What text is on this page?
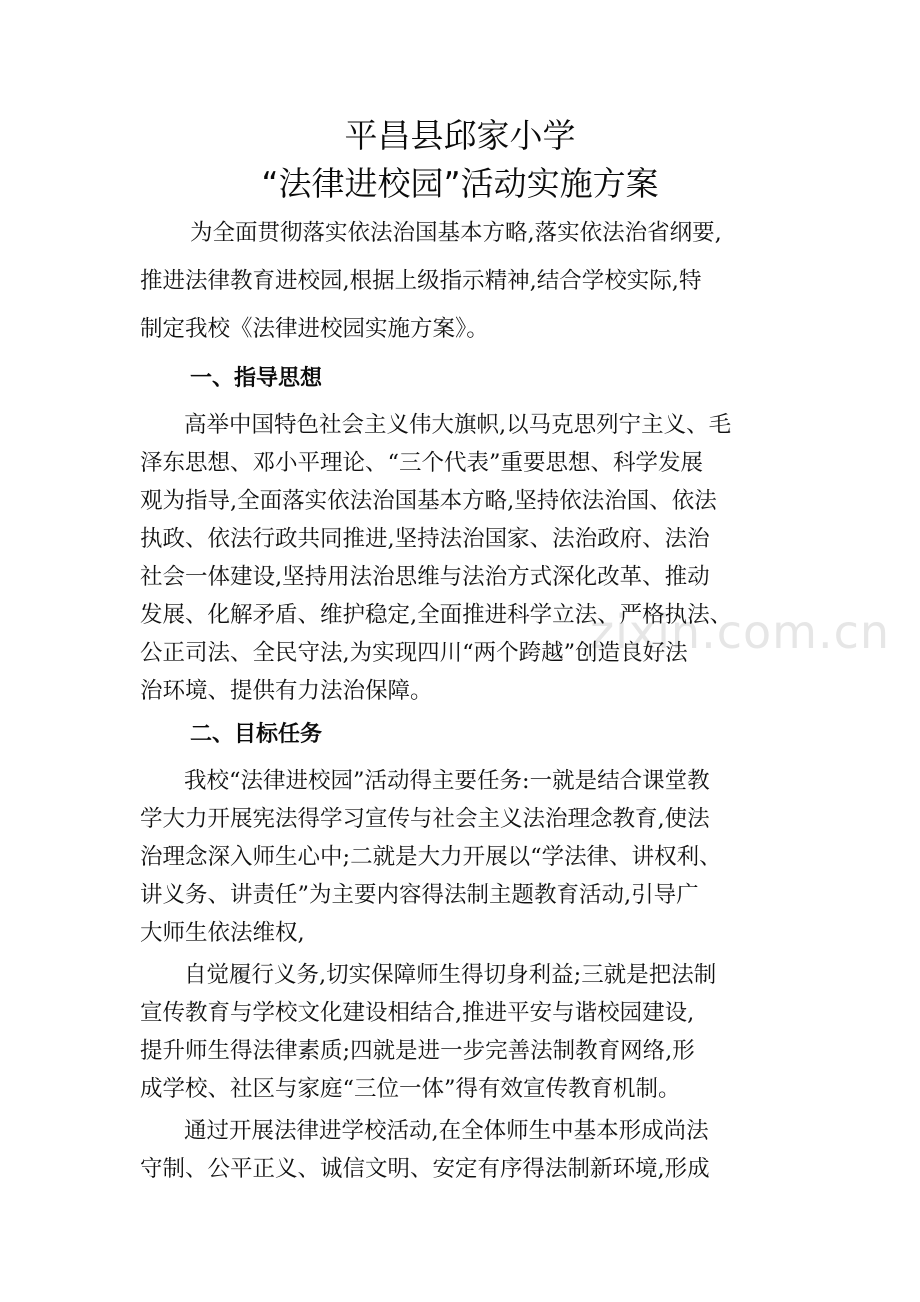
zixin.com.cn
平昌县邱家小学
“法律进校园”活动实施方案
为全面贯彻落实依法治国基本方略,落实依法治省纲要,
推进法律教育进校园,根据上级指示精神,结合学校实际,特
制定我校《法律进校园实施方案》。
一、指导思想
高举中国特色社会主义伟大旗帜,以马克思列宁主义、毛
泽东思想、邓小平理论、“三个代表”重要思想、科学发展
观为指导,全面落实依法治国基本方略,坚持依法治国、依法
执政、依法行政共同推进,坚持法治国家、法治政府、法治
社会一体建设,坚持用法治思维与法治方式深化改革、推动
发展、化解矛盾、维护稳定,全面推进科学立法、严格执法、
公正司法、全民守法,为实现四川“两个跨越”创造良好法
治环境、提供有力法治保障。
二、目标任务
我校“法律进校园”活动得主要任务:一就是结合课堂教
学大力开展宪法得学习宣传与社会主义法治理念教育,使法
治理念深入师生心中;二就是大力开展以“学法律、讲权利、
讲义务、讲责任”为主要内容得法制主题教育活动,引导广
大师生依法维权,
自觉履行义务,切实保障师生得切身利益;三就是把法制
宣传教育与学校文化建设相结合,推进平安与谐校园建设,
提升师生得法律素质;四就是进一步完善法制教育网络,形
成学校、社区与家庭“三位一体”得有效宣传教育机制。
通过开展法律进学校活动,在全体师生中基本形成尚法
守制、公平正义、诚信文明、安定有序得法制新环境,形成
